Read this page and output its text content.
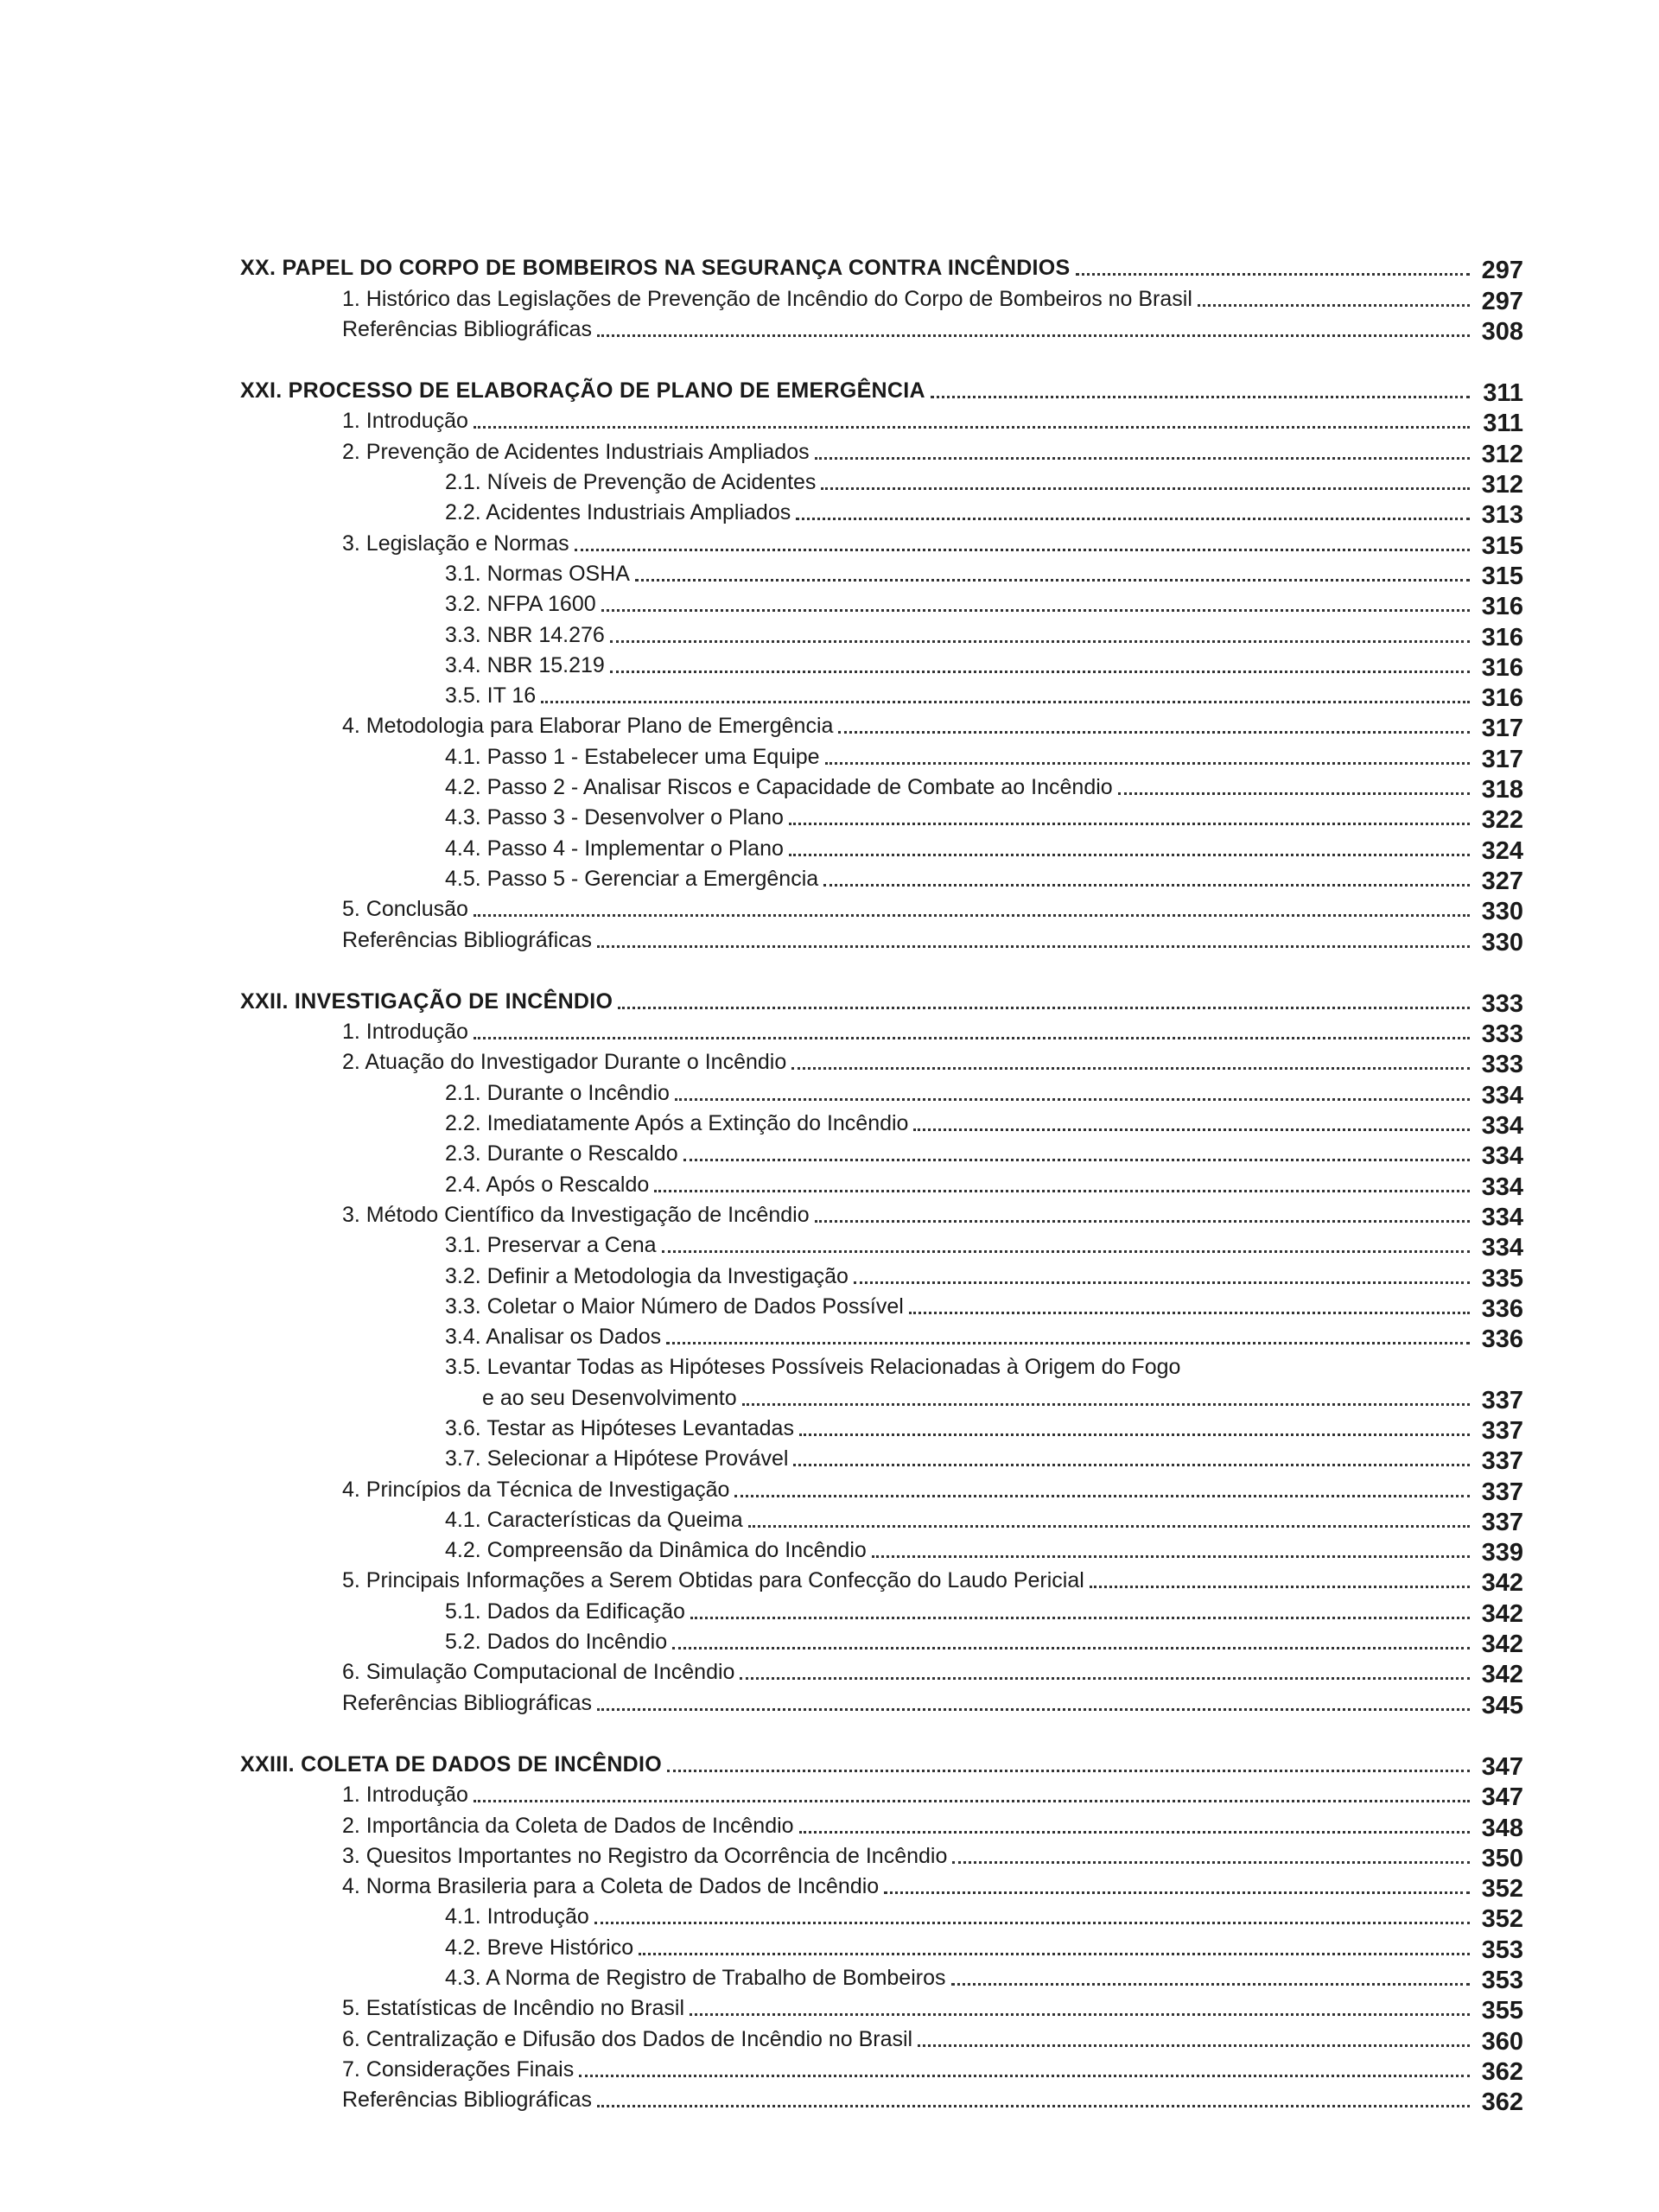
XX. PAPEL DO CORPO DE BOMBEIROS NA SEGURANÇA CONTRA INCÊNDIOS	297
1. Histórico das Legislações de Prevenção de Incêndio do Corpo de Bombeiros no Brasil	297
Referências Bibliográficas	308
XXI. PROCESSO DE ELABORAÇÃO DE PLANO DE EMERGÊNCIA	311
1. Introdução	311
2. Prevenção de Acidentes Industriais Ampliados	312
2.1. Níveis de Prevenção de Acidentes	312
2.2. Acidentes Industriais Ampliados	313
3. Legislação e Normas	315
3.1. Normas OSHA	315
3.2. NFPA 1600	316
3.3. NBR 14.276	316
3.4. NBR 15.219	316
3.5. IT 16	316
4. Metodologia para Elaborar Plano de Emergência	317
4.1. Passo 1 - Estabelecer uma Equipe	317
4.2. Passo 2 - Analisar Riscos e Capacidade de Combate ao Incêndio	318
4.3. Passo 3 - Desenvolver o Plano	322
4.4. Passo 4 - Implementar o Plano	324
4.5. Passo 5 - Gerenciar a Emergência	327
5. Conclusão	330
Referências Bibliográficas	330
XXII. INVESTIGAÇÃO DE INCÊNDIO	333
1. Introdução	333
2. Atuação do Investigador Durante o Incêndio	333
2.1. Durante o Incêndio	334
2.2. Imediatamente Após a Extinção do Incêndio	334
2.3. Durante o Rescaldo	334
2.4. Após o Rescaldo	334
3. Método Científico da Investigação de Incêndio	334
3.1. Preservar a Cena	334
3.2. Definir a Metodologia da Investigação	335
3.3. Coletar o Maior Número de Dados Possível	336
3.4. Analisar os Dados	336
3.5. Levantar Todas as Hipóteses Possíveis Relacionadas à Origem do Fogo
e ao seu Desenvolvimento	337
3.6. Testar as Hipóteses Levantadas	337
3.7. Selecionar a Hipótese Provável	337
4. Princípios da Técnica de Investigação	337
4.1. Características da Queima	337
4.2. Compreensão da Dinâmica do Incêndio	339
5. Principais Informações a Serem Obtidas para Confecção do Laudo Pericial	342
5.1. Dados da Edificação	342
5.2. Dados do Incêndio	342
6. Simulação Computacional de Incêndio	342
Referências Bibliográficas	345
XXIII. COLETA DE DADOS DE INCÊNDIO	347
1. Introdução	347
2. Importância da Coleta de Dados de Incêndio	348
3. Quesitos Importantes no Registro da Ocorrência de Incêndio	350
4. Norma Brasileria para a Coleta de Dados de Incêndio	352
4.1. Introdução	352
4.2. Breve Histórico	353
4.3. A Norma de Registro de Trabalho de Bombeiros	353
5. Estatísticas de Incêndio no Brasil	355
6. Centralização e Difusão dos Dados de Incêndio no Brasil	360
7. Considerações Finais	362
Referências Bibliográficas	362
